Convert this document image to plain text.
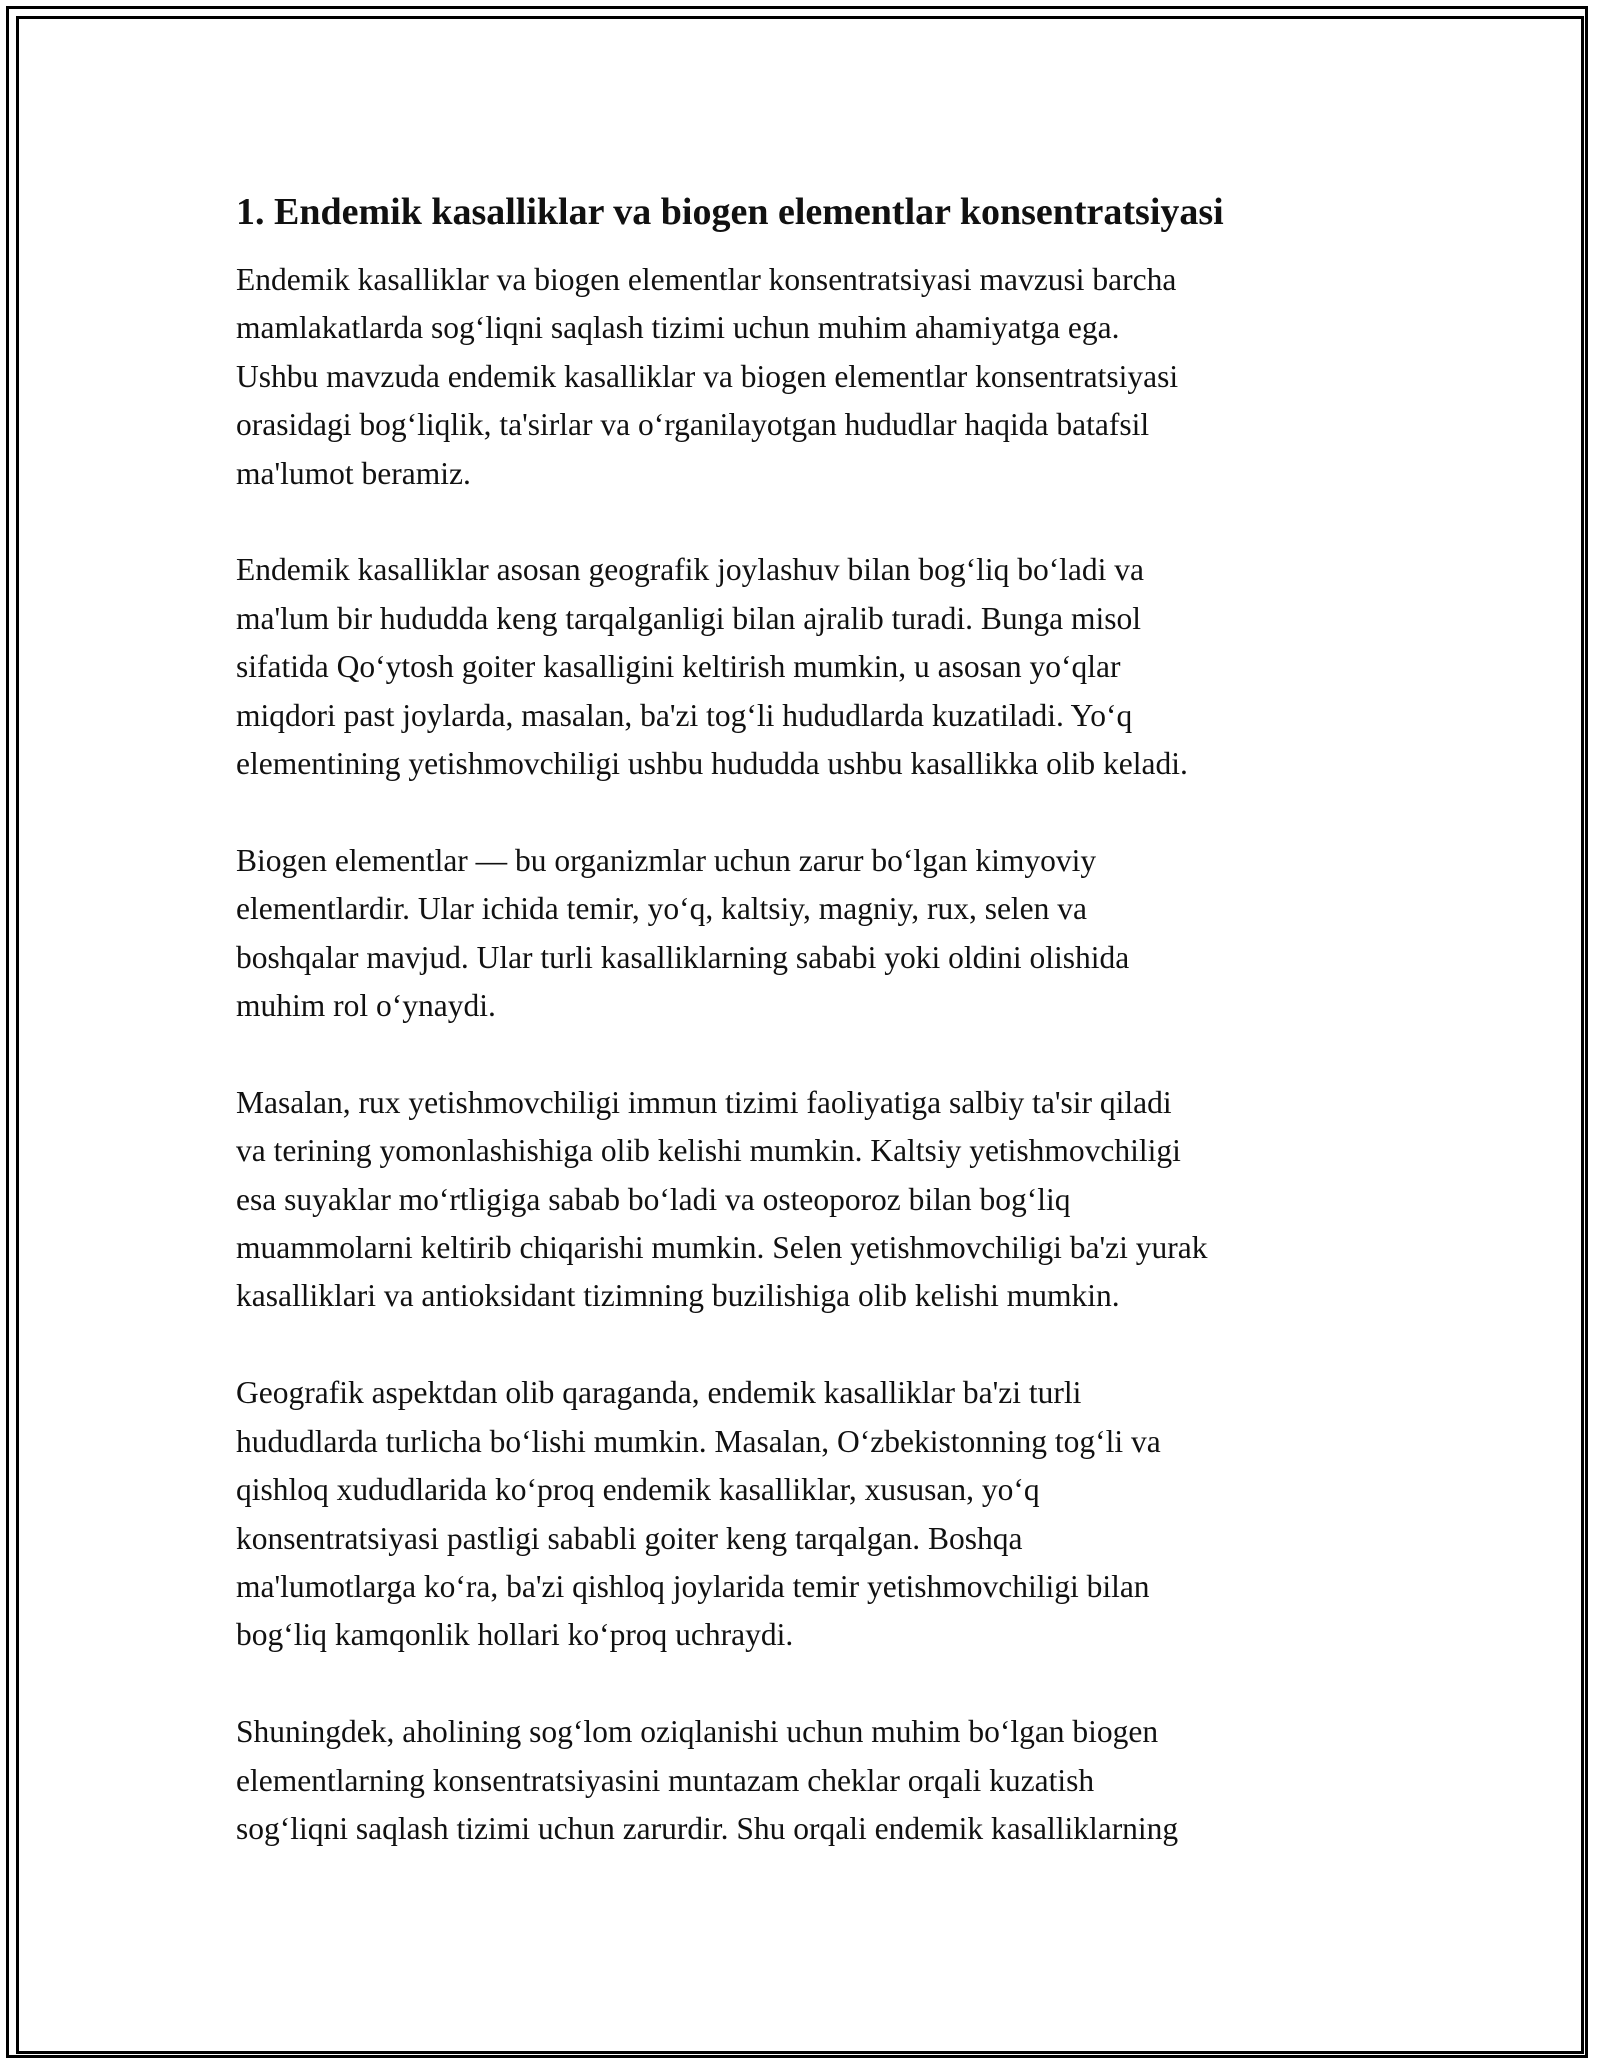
1. Endemik kasalliklar va biogen elementlar konsentratsiyasi

Endemik kasalliklar va biogen elementlar konsentratsiyasi mavzusi barcha
mamlakatlarda sog‘liqni saqlash tizimi uchun muhim ahamiyatga ega.
Ushbu mavzuda endemik kasalliklar va biogen elementlar konsentratsiyasi
orasidagi bog‘liqlik, ta'sirlar va o‘rganilayotgan hududlar haqida batafsil
ma'lumot beramiz.

Endemik kasalliklar asosan geografik joylashuv bilan bog‘liq bo‘ladi va
ma'lum bir hududda keng tarqalganligi bilan ajralib turadi. Bunga misol
sifatida Qo‘ytosh goiter kasalligini keltirish mumkin, u asosan yo‘qlar
miqdori past joylarda, masalan, ba'zi tog‘li hududlarda kuzatiladi. Yo‘q
elementining yetishmovchiligi ushbu hududda ushbu kasallikka olib keladi.

Biogen elementlar — bu organizmlar uchun zarur bo‘lgan kimyoviy
elementlardir. Ular ichida temir, yo‘q, kaltsiy, magniy, rux, selen va
boshqalar mavjud. Ular turli kasalliklarning sababi yoki oldini olishida
muhim rol o‘ynaydi.

Masalan, rux yetishmovchiligi immun tizimi faoliyatiga salbiy ta'sir qiladi
va terining yomonlashishiga olib kelishi mumkin. Kaltsiy yetishmovchiligi
esa suyaklar mo‘rtligiga sabab bo‘ladi va osteoporoz bilan bog‘liq
muammolarni keltirib chiqarishi mumkin. Selen yetishmovchiligi ba'zi yurak
kasalliklari va antioksidant tizimning buzilishiga olib kelishi mumkin.

Geografik aspektdan olib qaraganda, endemik kasalliklar ba'zi turli
hududlarda turlicha bo‘lishi mumkin. Masalan, O‘zbekistonning tog‘li va
qishloq xududlarida ko‘proq endemik kasalliklar, xususan, yo‘q
konsentratsiyasi pastligi sababli goiter keng tarqalgan. Boshqa
ma'lumotlarga ko‘ra, ba'zi qishloq joylarida temir yetishmovchiligi bilan
bog‘liq kamqonlik hollari ko‘proq uchraydi.

Shuningdek, aholining sog‘lom oziqlanishi uchun muhim bo‘lgan biogen
elementlarning konsentratsiyasini muntazam cheklar orqali kuzatish
sog‘liqni saqlash tizimi uchun zarurdir. Shu orqali endemik kasalliklarning
